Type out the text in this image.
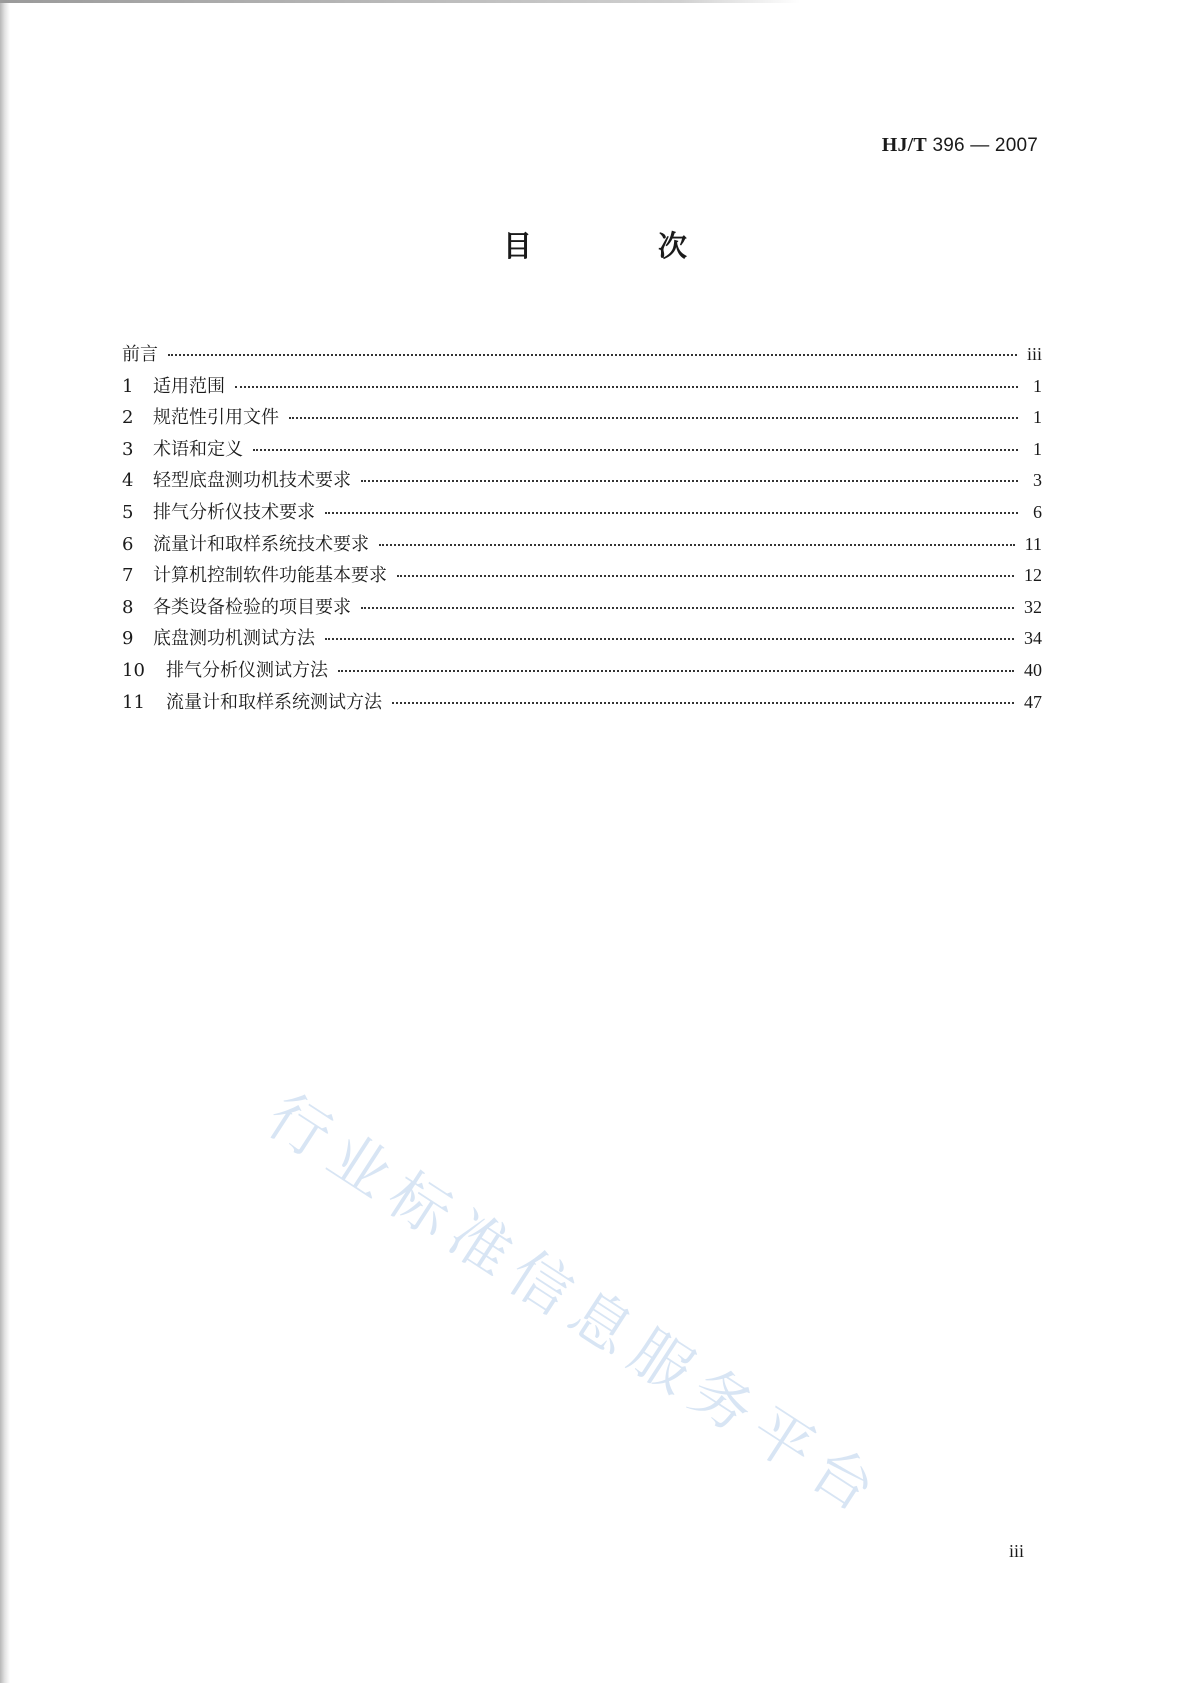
HJ/T 396 — 2007
目 次
前言	iii
1	适用范围	1
2	规范性引用文件	1
3	术语和定义	1
4	轻型底盘测功机技术要求	3
5	排气分析仪技术要求	6
6	流量计和取样系统技术要求	11
7	计算机控制软件功能基本要求	12
8	各类设备检验的项目要求	32
9	底盘测功机测试方法	34
10	排气分析仪测试方法	40
11	流量计和取样系统测试方法	47
行业标准信息服务平台
iii
